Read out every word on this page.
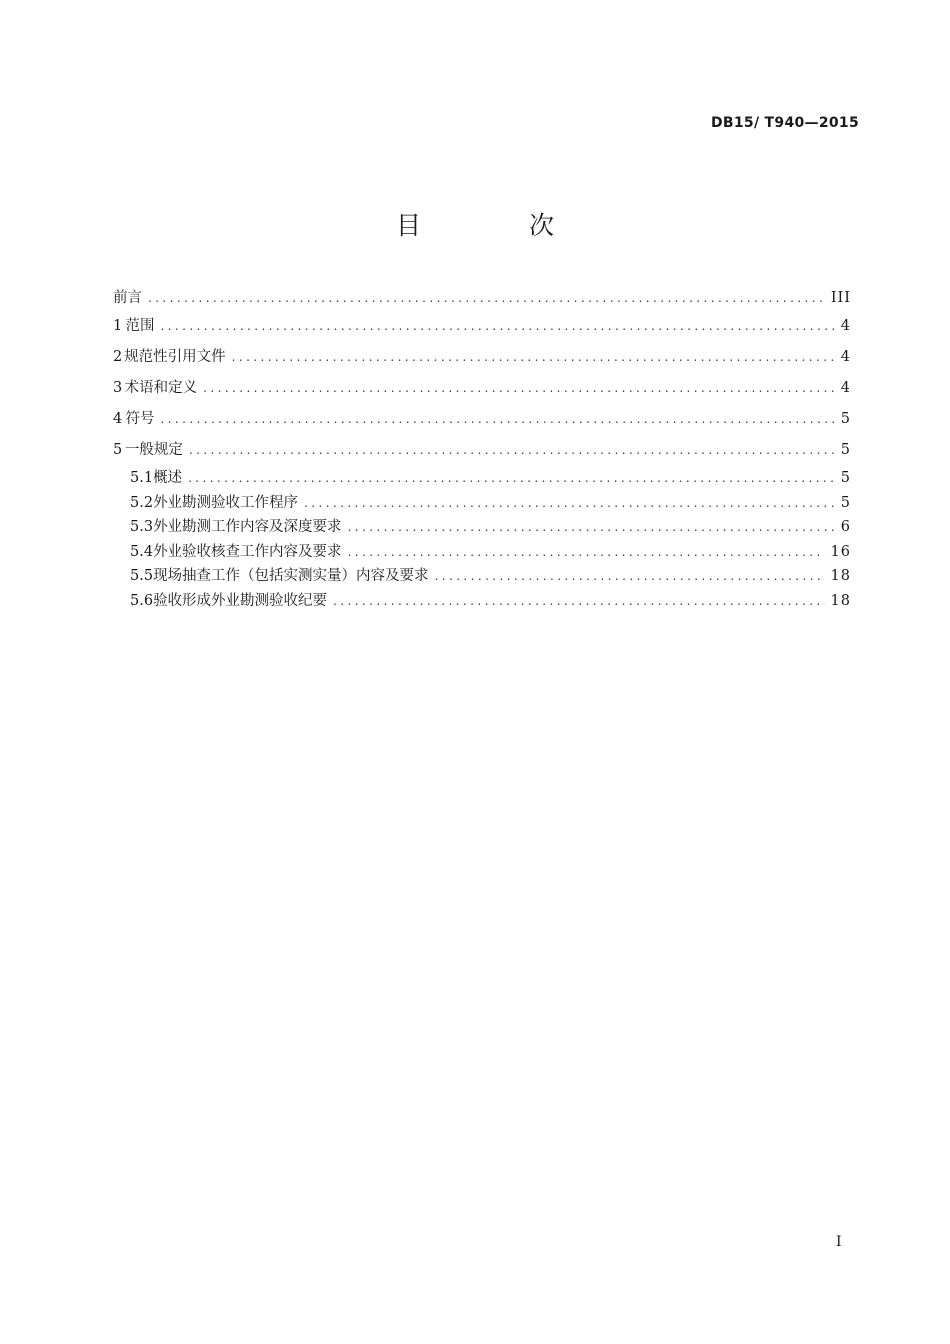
DB15/ T940—2015
目 次
前言 .....	III
1 范围 .....	4
2 规范性引用文件 .....	4
3 术语和定义 .....	4
4 符号 .....	5
5 一般规定 .....	5
5.1 概述 .....	5
5.2 外业勘测验收工作程序 .....	5
5.3 外业勘测工作内容及深度要求 .....	6
5.4 外业验收核查工作内容及要求 .....	16
5.5 现场抽查工作（包括实测实量）内容及要求 .....	18
5.6 验收形成外业勘测验收纪要 .....	18
I
